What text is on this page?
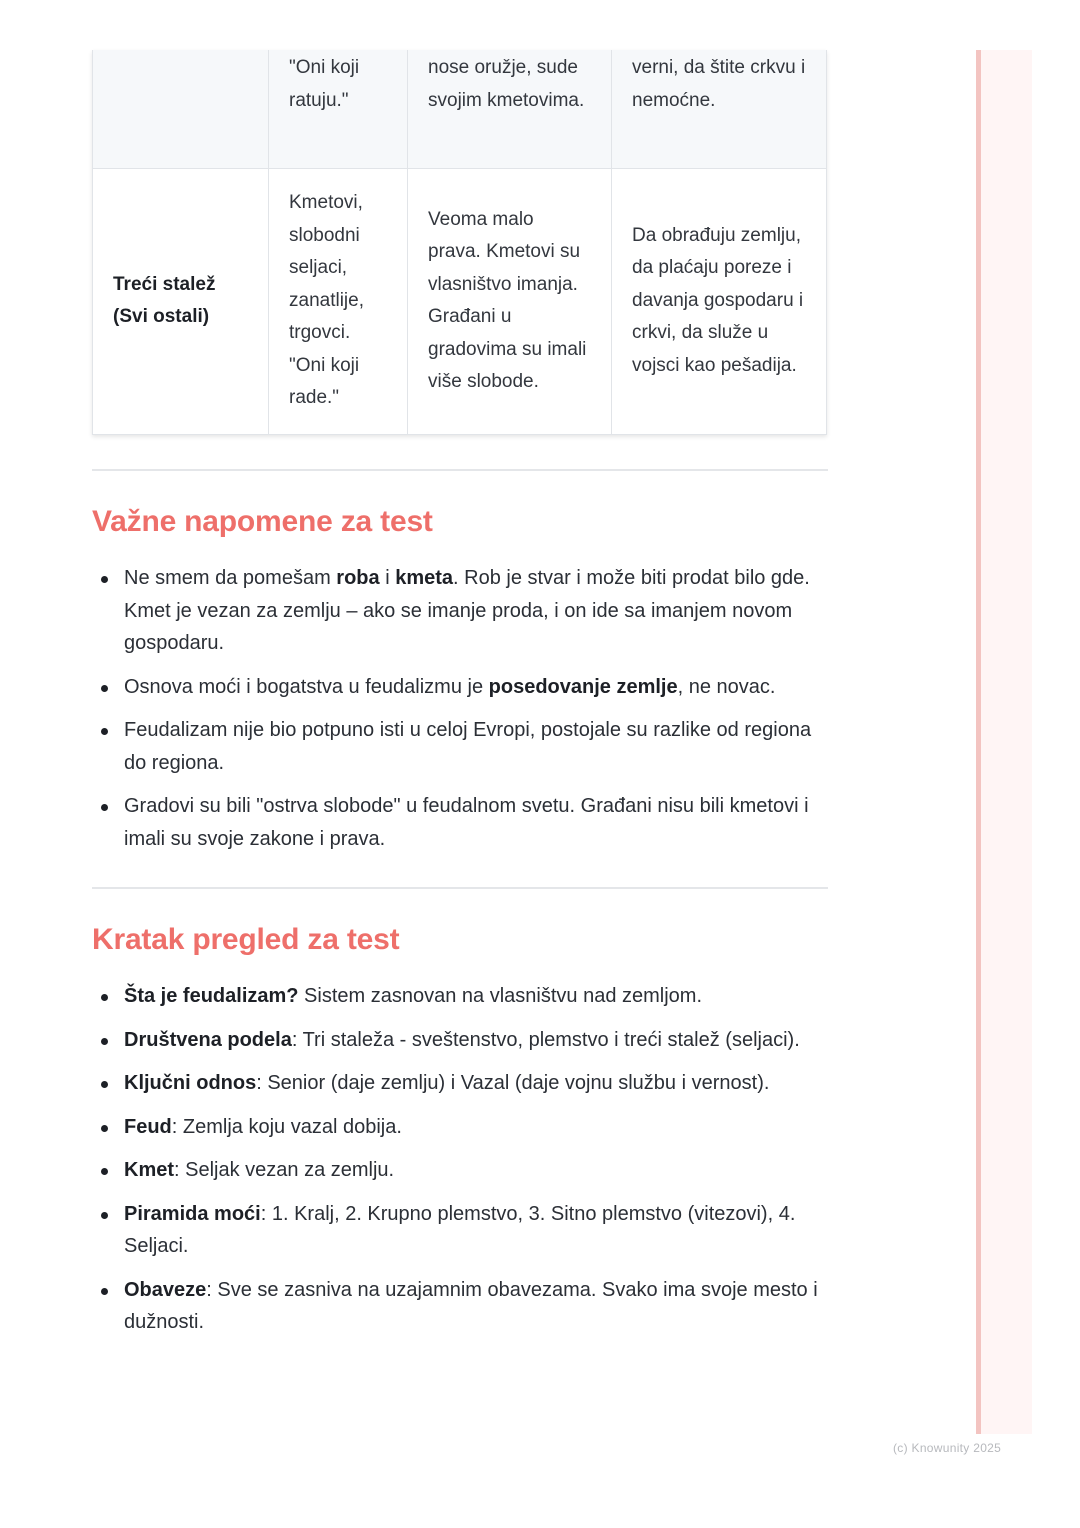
	"Oni koji ratuju."	nose oružje, sude svojim kmetovima.	verni, da štite crkvu i nemoćne.
Treći stalež
(Svi ostali)	Kmetovi, slobodni seljaci, zanatlije, trgovci. "Oni koji rade."	Veoma malo prava. Kmetovi su vlasništvo imanja. Građani u gradovima su imali više slobode.	Da obrađuju zemlju, da plaćaju poreze i davanja gospodaru i crkvi, da služe u vojsci kao pešadija.
Važne napomene za test
Ne smem da pomešam roba i kmeta. Rob je stvar i može biti prodat bilo gde. Kmet je vezan za zemlju – ako se imanje proda, i on ide sa imanjem novom gospodaru.
Osnova moći i bogatstva u feudalizmu je posedovanje zemlje, ne novac.
Feudalizam nije bio potpuno isti u celoj Evropi, postojale su razlike od regiona do regiona.
Gradovi su bili "ostrva slobode" u feudalnom svetu. Građani nisu bili kmetovi i imali su svoje zakone i prava.
Kratak pregled za test
Šta je feudalizam? Sistem zasnovan na vlasništvu nad zemljom.
Društvena podela: Tri staleža - sveštenstvo, plemstvo i treći stalež (seljaci).
Ključni odnos: Senior (daje zemlju) i Vazal (daje vojnu službu i vernost).
Feud: Zemlja koju vazal dobija.
Kmet: Seljak vezan za zemlju.
Piramida moći: 1. Kralj, 2. Krupno plemstvo, 3. Sitno plemstvo (vitezovi), 4. Seljaci.
Obaveze: Sve se zasniva na uzajamnim obavezama. Svako ima svoje mesto i dužnosti.
(c) Knowunity 2025
